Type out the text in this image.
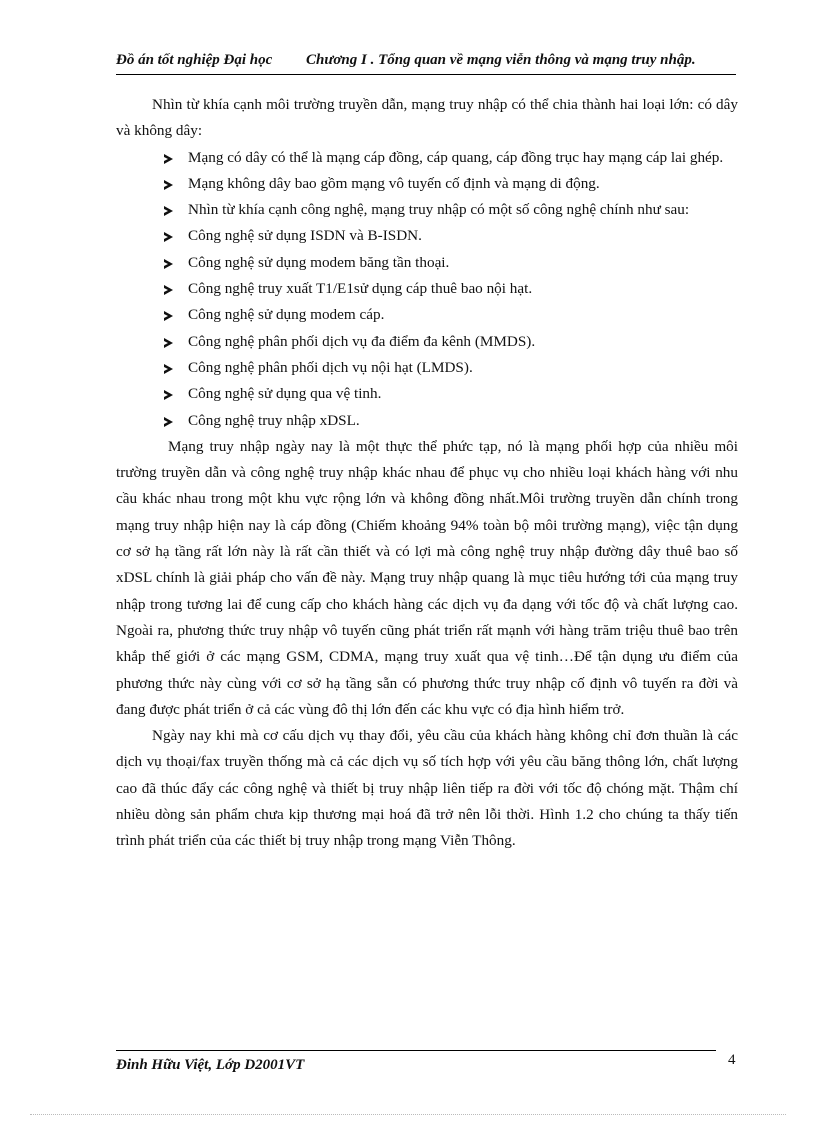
Đồ án tốt nghiệp Đại học Chương I . Tổng quan về mạng viễn thông và mạng truy nhập.

Nhìn từ khía cạnh môi trường truyền dẫn, mạng truy nhập có thể chia thành hai loại lớn: có dây và không dây:

Mạng có dây có thể là mạng cáp đồng, cáp quang, cáp đồng trục hay mạng cáp lai ghép.
Mạng không dây bao gồm mạng vô tuyến cố định và mạng di động.
Nhìn từ khía cạnh công nghệ, mạng truy nhập có một số công nghệ chính như sau:
Công nghệ sử dụng ISDN và B-ISDN.
Công nghệ sử dụng modem băng tần thoại.
Công nghệ truy xuất T1/E1sử dụng cáp thuê bao nội hạt.
Công nghệ sử dụng modem cáp.
Công nghệ phân phối dịch vụ đa điểm đa kênh (MMDS).
Công nghệ phân phối dịch vụ nội hạt (LMDS).
Công nghệ sử dụng qua vệ tinh.
Công nghệ truy nhập xDSL.

Mạng truy nhập ngày nay là một thực thể phức tạp, nó là mạng phối hợp của nhiều môi trường truyền dẫn và công nghệ truy nhập khác nhau để phục vụ cho nhiều loại khách hàng với nhu cầu khác nhau trong một khu vực rộng lớn và không đồng nhất.Môi trường truyền dẫn chính trong mạng truy nhập hiện nay là cáp đồng (Chiếm khoảng 94% toàn bộ môi trường mạng), việc tận dụng cơ sở hạ tầng rất lớn này là rất cần thiết và có lợi mà công nghệ truy nhập đường dây thuê bao số xDSL chính là giải pháp cho vấn đề này. Mạng truy nhập quang là mục tiêu hướng tới của mạng truy nhập trong tương lai để cung cấp cho khách hàng các dịch vụ đa dạng với tốc độ và chất lượng cao. Ngoài ra, phương thức truy nhập vô tuyến cũng phát triển rất mạnh với hàng trăm triệu thuê bao trên khắp thế giới ở các mạng GSM, CDMA, mạng truy xuất qua vệ tinh…Để tận dụng ưu điểm của phương thức này cùng với cơ sở hạ tầng sẵn có phương thức truy nhập cố định vô tuyến ra đời và đang được phát triển ở cả các vùng đô thị lớn đến các khu vực có địa hình hiểm trở.

Ngày nay khi mà cơ cấu dịch vụ thay đổi, yêu cầu của khách hàng không chỉ đơn thuần là các dịch vụ thoại/fax truyền thống mà cả các dịch vụ số tích hợp với yêu cầu băng thông lớn, chất lượng cao đã thúc đẩy các công nghệ và thiết bị truy nhập liên tiếp ra đời với tốc độ chóng mặt. Thậm chí nhiều dòng sản phẩm chưa kịp thương mại hoá đã trở nên lỗi thời. Hình 1.2 cho chúng ta thấy tiến trình phát triển của các thiết bị truy nhập trong mạng Viễn Thông.

Đinh Hữu Việt, Lớp D2001VT	4
